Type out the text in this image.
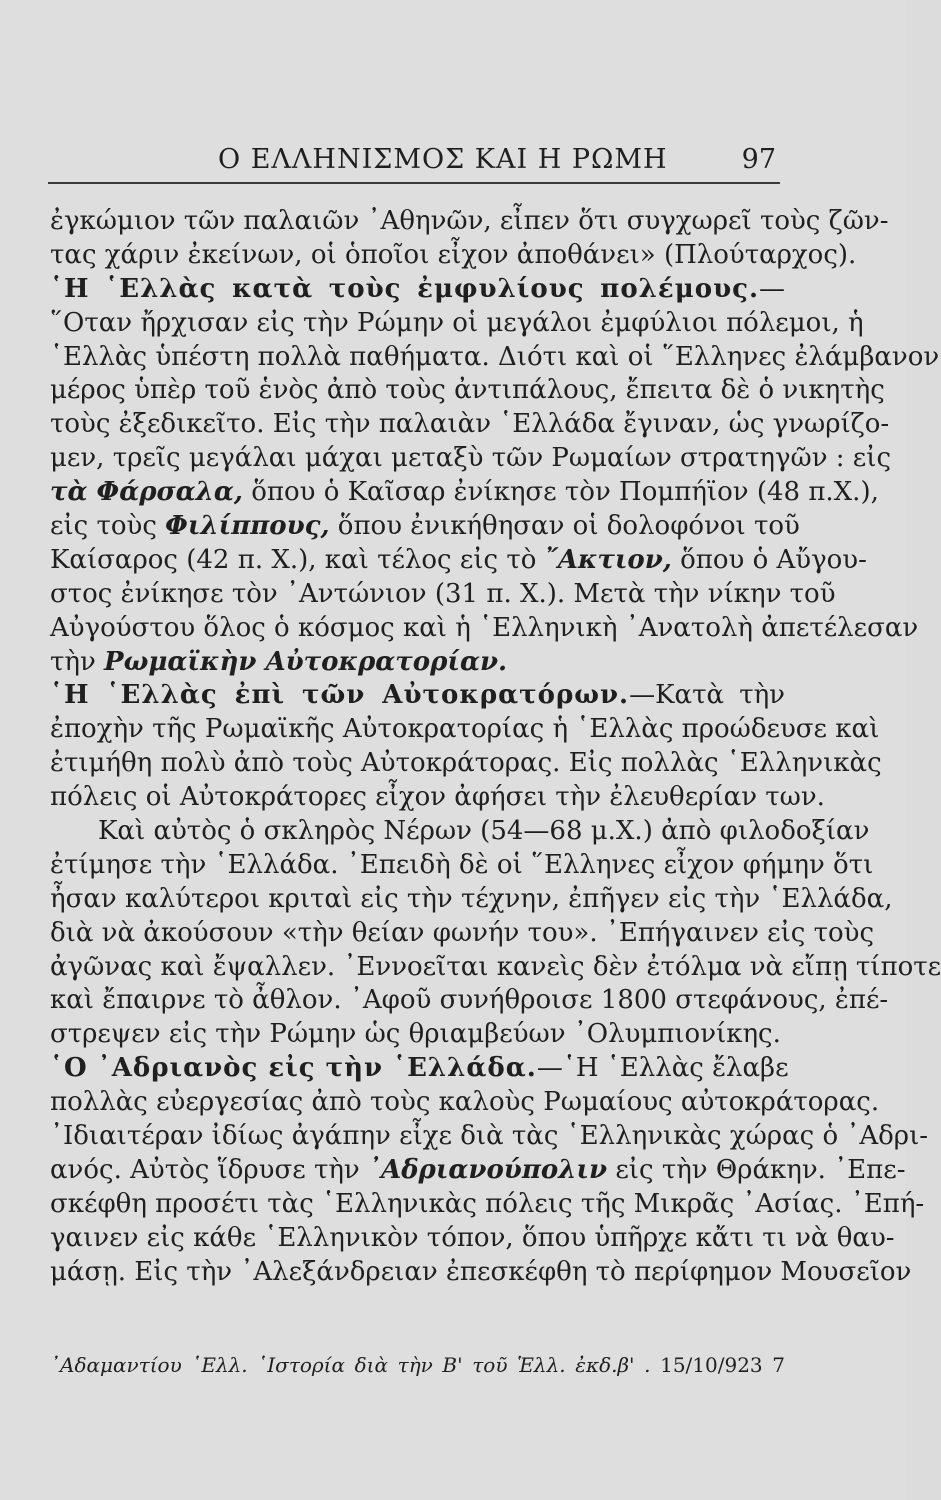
Ο ΕΛΛΗΝΙΣΜΟΣ ΚΑΙ Η ΡΩΜΗ	97
ἐγκώμιον τῶν παλαιῶν ᾿Αθηνῶν, εἶπεν ὅτι συγχωρεῖ τοὺς ζῶν-
τας χάριν ἐκείνων, οἱ ὁποῖοι εἶχον ἀποθάνει» (Πλούταρχος).
῾Η ῾Ελλὰς κατὰ τοὺς ἐμφυλίους πολέμους.—
῞Οταν ἤρχισαν εἰς τὴν Ρώμην οἱ μεγάλοι ἐμφύλιοι πόλεμοι, ἡ
῾Ελλὰς ὑπέστη πολλὰ παθήματα. Διότι καὶ οἱ ῞Ελληνες ἐλάμβανον
μέρος ὑπὲρ τοῦ ἑνὸς ἀπὸ τοὺς ἀντιπάλους, ἔπειτα δὲ ὁ νικητὴς
τοὺς ἐξεδικεῖτο. Εἰς τὴν παλαιὰν ῾Ελλάδα ἔγιναν, ὡς γνωρίζο-
μεν, τρεῖς μεγάλαι μάχαι μεταξὺ τῶν Ρωμαίων στρατηγῶν : εἰς
τὰ Φάρσαλα, ὅπου ὁ Καῖσαρ ἐνίκησε τὸν Πομπήϊον (48 π.Χ.),
εἰς τοὺς Φιλίππους, ὅπου ἐνικήθησαν οἱ δολοφόνοι τοῦ
Καίσαρος (42 π. Χ.), καὶ τέλος εἰς τὸ ῎Ακτιον, ὅπου ὁ Αὔγου-
στος ἐνίκησε τὸν ᾿Αντώνιον (31 π. Χ.). Μετὰ τὴν νίκην τοῦ
Αὐγούστου ὅλος ὁ κόσμος καὶ ἡ ῾Ελληνικὴ ᾿Ανατολὴ ἀπετέλεσαν
τὴν Ρωμαϊκὴν Αὐτοκρατορίαν.
῾Η ῾Ελλὰς ἐπὶ τῶν Αὐτοκρατόρων.—Κατὰ τὴν
ἐποχὴν τῆς Ρωμαϊκῆς Αὐτοκρατορίας ἡ ῾Ελλὰς προώδευσε καὶ
ἐτιμήθη πολὺ ἀπὸ τοὺς Αὐτοκράτορας. Εἰς πολλὰς ῾Ελληνικὰς
πόλεις οἱ Αὐτοκράτορες εἶχον ἀφήσει τὴν ἐλευθερίαν των.
Καὶ αὐτὸς ὁ σκληρὸς Νέρων (54—68 μ.Χ.) ἀπὸ φιλοδοξίαν
ἐτίμησε τὴν ῾Ελλάδα. ᾿Επειδὴ δὲ οἱ ῞Ελληνες εἶχον φήμην ὅτι
ἦσαν καλύτεροι κριταὶ εἰς τὴν τέχνην, ἐπῆγεν εἰς τὴν ῾Ελλάδα,
διὰ νὰ ἀκούσουν «τὴν θείαν φωνήν του». ᾿Επήγαινεν εἰς τοὺς
ἀγῶνας καὶ ἔψαλλεν. ᾿Εννοεῖται κανεὶς δὲν ἐτόλμα νὰ εἴπῃ τίποτε
καὶ ἔπαιρνε τὸ ἆθλον. ᾿Αφοῦ συνήθροισε 1800 στεφάνους, ἐπέ-
στρεψεν εἰς τὴν Ρώμην ὡς θριαμβεύων ᾿Ολυμπιονίκης.
῾Ο ᾿Αδριανὸς εἰς τὴν ῾Ελλάδα.—῾Η ῾Ελλὰς ἔλαβε
πολλὰς εὐεργεσίας ἀπὸ τοὺς καλοὺς Ρωμαίους αὐτοκράτορας.
᾿Ιδιαιτέραν ἰδίως ἀγάπην εἶχε διὰ τὰς ῾Ελληνικὰς χώρας ὁ ᾿Αδρι-
ανός. Αὐτὸς ἵδρυσε τὴν ᾿Αδριανούπολιν εἰς τὴν Θράκην. ᾿Επε-
σκέφθη προσέτι τὰς ῾Ελληνικὰς πόλεις τῆς Μικρᾶς ᾿Ασίας. ᾿Επή-
γαινεν εἰς κάθε ῾Ελληνικὸν τόπον, ὅπου ὑπῆρχε κἄτι τι νὰ θαυ-
μάσῃ. Εἰς τὴν ᾿Αλεξάνδρειαν ἐπεσκέφθη τὸ περίφημον Μουσεῖον
᾿Αδαμαντίου ῾Ελλ. ῾Ιστορία διὰ τὴν Β' τοῦ Ἑλλ. ἐκδ.β' . 15/10/923 7
